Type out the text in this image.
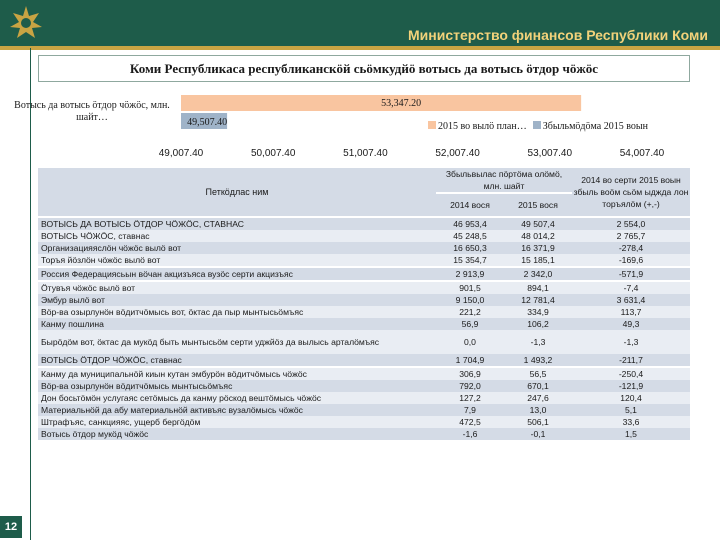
Министерство финансов Республики Коми
12
Коми Республикаса республиканскöй сьöмкудйö вотысь да вотысь öтдор чöжöс
53,347.20
49,507.40
49,007.40	50,007.40	51,007.40	52,007.40	53,007.40	54,007.40
Вотысь да вотысь öтдор чöжöс, млн. шайт…
2015 во вылö план… Збыльмöдöма 2015 воын
Петкöдлас ним	Збыльвылас пöртöма олöмö, млн. шайт		2014 во серти 2015 воын збыль воöм сьöм ыджда лон торъялöм (+,-)
	2014 вося	2015 вося	
ВОТЫСЬ ДА ВОТЫСЬ ÖТДОР ЧÖЖÖС, СТАВНАС	46 953,4	49 507,4	2 554,0
ВОТЫСЬ ЧÖЖÖС, ставнас	45 248,5	48 014,2	2 765,7
Организацияяслöн чöжöс вылö вот	16 650,3	16 371,9	-278,4
Торъя йöзлöн чöжöс вылö вот	15 354,7	15 185,1	-169,6
Россия Федерациясьын вöчан акцизъяса вузöс серти акцизъяс	2 913,9	2 342,0	-571,9
Öтувъя чöжöс вылö вот	901,5	894,1	-7,4
Эмбур вылö вот	9 150,0	12 781,4	3 631,4
Вöр-ва озырлунöн вöдитчöмысь вот, öктас да пыр мынтысьöмъяс	221,2	334,9	113,7
Канму пошлина	56,9	106,2	49,3
Бырöдöм вот, öктас да мукöд быть мынтысьöм серти уджйöз да вылысь арталöмъяс	0,0	-1,3	-1,3
ВОТЫСЬ ÖТДОР ЧÖЖÖС, ставнас	1 704,9	1 493,2	-211,7
Канму да муниципальнöй киын кутан эмбурöн вöдитчöмысь чöжöс	306,9	56,5	-250,4
Вöр-ва озырлунöн вöдитчöмысь мынтысьöмъяс	792,0	670,1	-121,9
Дон босьтöмöн услугаяс сетöмысь да канму рöскод вештöмысь чöжöс	127,2	247,6	120,4
Материальнöй да абу материальнöй активъяс вузалöмысь чöжöс	7,9	13,0	5,1
Штрафъяс, санкцияяс, ущерб бергöдöм	472,5	506,1	33,6
Вотысь öтдор мукöд чöжöс	-1,6	-0,1	1,5
